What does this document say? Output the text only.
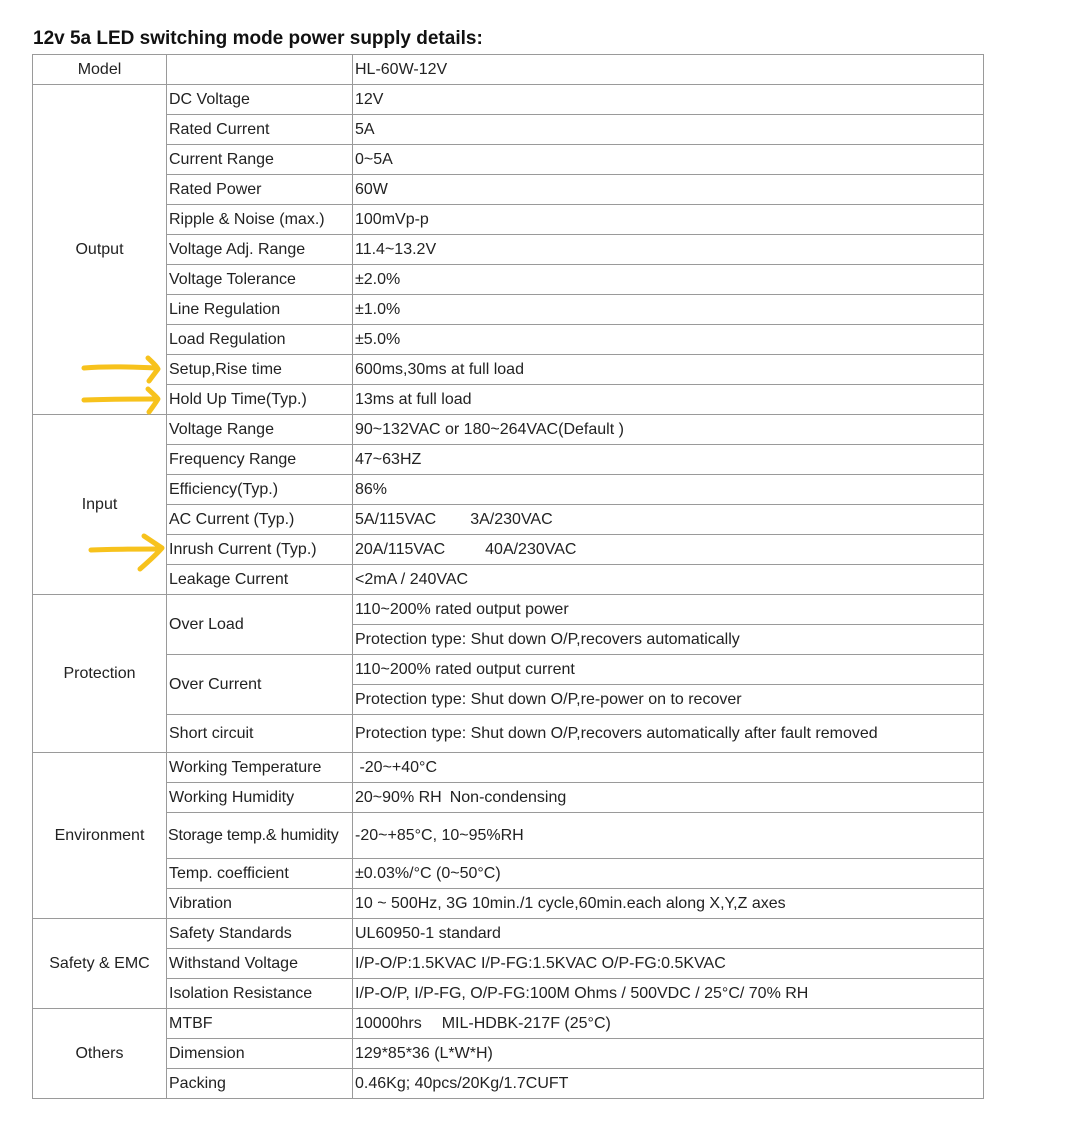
12v 5a LED switching mode power supply details:
Model		HL-60W-12V
Output	DC Voltage	12V
	Rated Current	5A
	Current Range	0~5A
	Rated Power	60W
	Ripple & Noise (max.)	100mVp-p
	Voltage Adj. Range	11.4~13.2V
	Voltage Tolerance	±2.0%
	Line Regulation	±1.0%
	Load Regulation	±5.0%
	Setup,Rise time	600ms,30ms at full load
	Hold Up Time(Typ.)	13ms at full load
Input	Voltage Range	90~132VAC or 180~264VAC(Default )
	Frequency Range	47~63HZ
	Efficiency(Typ.)	86%
	AC Current (Typ.)	5A/115VAC 3A/230VAC
	Inrush Current (Typ.)	20A/115VAC 40A/230VAC
	Leakage Current	<2mA / 240VAC
Protection	Over Load	110~200% rated output power
		Protection type: Shut down O/P,recovers automatically
	Over Current	110~200% rated output current
		Protection type: Shut down O/P,re-power on to recover
	Short circuit	Protection type: Shut down O/P,recovers automatically after fault removed
Environment	Working Temperature	-20~+40°C
	Working Humidity	20~90% RH Non-condensing
	Storage temp.& humidity	-20~+85°C, 10~95%RH
	Temp. coefficient	±0.03%/°C (0~50°C)
	Vibration	10 ~ 500Hz, 3G 10min./1 cycle,60min.each along X,Y,Z axes
Safety & EMC	Safety Standards	UL60950-1 standard
	Withstand Voltage	I/P-O/P:1.5KVAC I/P-FG:1.5KVAC O/P-FG:0.5KVAC
	Isolation Resistance	I/P-O/P, I/P-FG, O/P-FG:100M Ohms / 500VDC / 25°C/ 70% RH
Others	MTBF	10000hrs MIL-HDBK-217F (25°C)
	Dimension	129*85*36 (L*W*H)
	Packing	0.46Kg; 40pcs/20Kg/1.7CUFT
